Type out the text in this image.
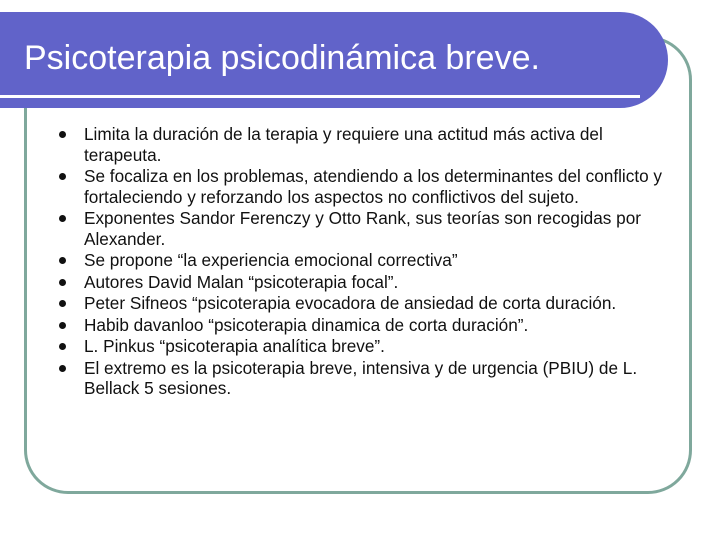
Psicoterapia psicodinámica breve.
Limita la duración de la terapia y requiere una actitud más activa del terapeuta.
Se focaliza en los problemas, atendiendo a los determinantes del conflicto y fortaleciendo y reforzando los aspectos no conflictivos del sujeto.
Exponentes Sandor Ferenczy y Otto Rank, sus teorías son recogidas por Alexander.
Se propone “la experiencia emocional correctiva”
Autores David Malan “psicoterapia focal”.
Peter Sifneos “psicoterapia evocadora de ansiedad de corta duración.
Habib davanloo “psicoterapia dinamica de corta duración”.
L. Pinkus “psicoterapia analítica breve”.
El extremo es la psicoterapia breve, intensiva y de urgencia (PBIU) de L. Bellack 5 sesiones.
